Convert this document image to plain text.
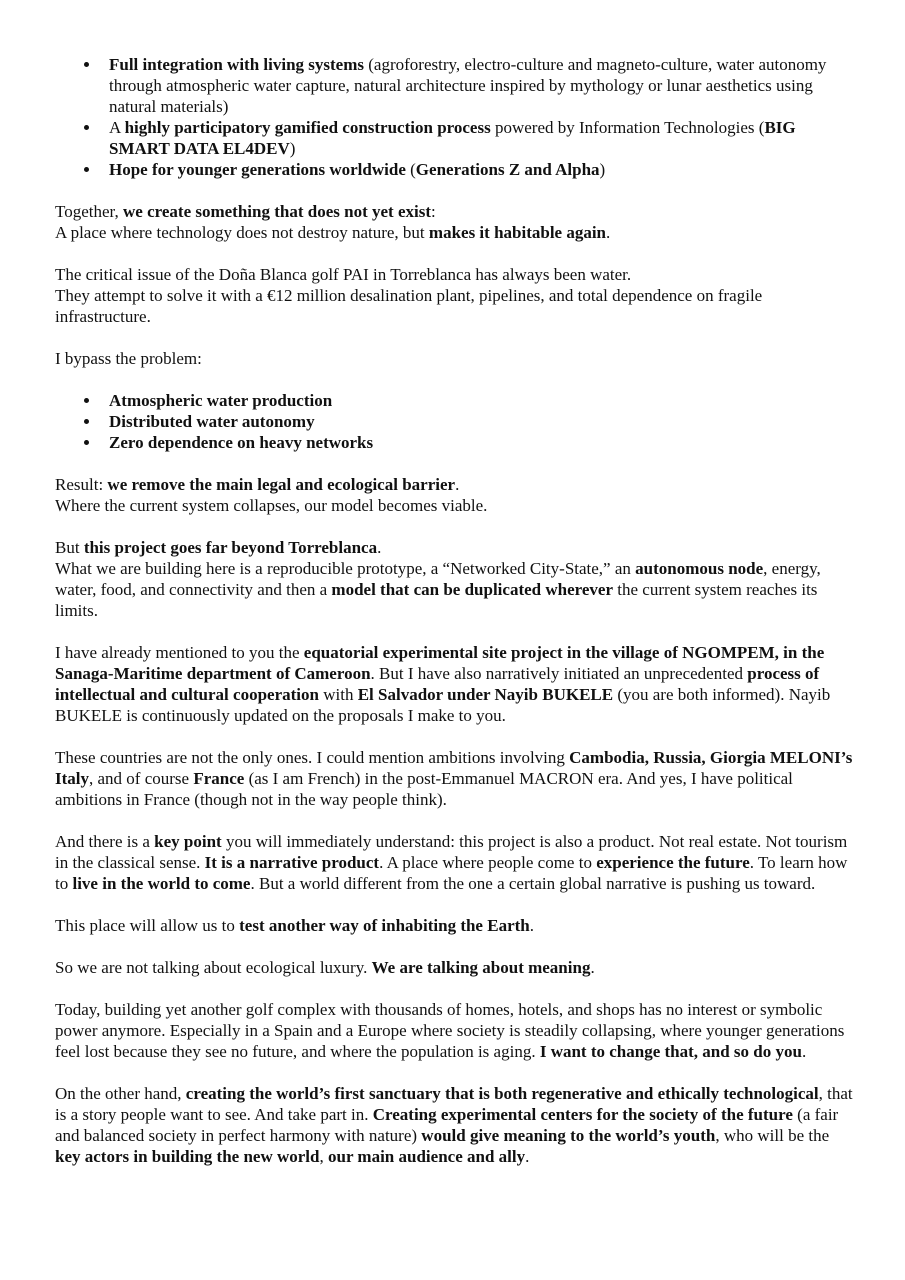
Full integration with living systems (agroforestry, electro-culture and magneto-culture, water autonomy through atmospheric water capture, natural architecture inspired by mythology or lunar aesthetics using natural materials)
A highly participatory gamified construction process powered by Information Technologies (BIG SMART DATA EL4DEV)
Hope for younger generations worldwide (Generations Z and Alpha)

Together, we create something that does not yet exist:
A place where technology does not destroy nature, but makes it habitable again.

The critical issue of the Doña Blanca golf PAI in Torreblanca has always been water.
They attempt to solve it with a €12 million desalination plant, pipelines, and total dependence on fragile infrastructure.

I bypass the problem:

Atmospheric water production
Distributed water autonomy
Zero dependence on heavy networks

Result: we remove the main legal and ecological barrier.
Where the current system collapses, our model becomes viable.

But this project goes far beyond Torreblanca.
What we are building here is a reproducible prototype, a “Networked City-State,” an autonomous node, energy, water, food, and connectivity and then a model that can be duplicated wherever the current system reaches its limits.

I have already mentioned to you the equatorial experimental site project in the village of NGOMPEM, in the Sanaga-Maritime department of Cameroon. But I have also narratively initiated an unprecedented process of intellectual and cultural cooperation with El Salvador under Nayib BUKELE (you are both informed). Nayib BUKELE is continuously updated on the proposals I make to you.

These countries are not the only ones. I could mention ambitions involving Cambodia, Russia, Giorgia MELONI’s Italy, and of course France (as I am French) in the post-Emmanuel MACRON era. And yes, I have political ambitions in France (though not in the way people think).

And there is a key point you will immediately understand: this project is also a product. Not real estate. Not tourism in the classical sense. It is a narrative product. A place where people come to experience the future. To learn how to live in the world to come. But a world different from the one a certain global narrative is pushing us toward.

This place will allow us to test another way of inhabiting the Earth.

So we are not talking about ecological luxury. We are talking about meaning.

Today, building yet another golf complex with thousands of homes, hotels, and shops has no interest or symbolic power anymore. Especially in a Spain and a Europe where society is steadily collapsing, where younger generations feel lost because they see no future, and where the population is aging. I want to change that, and so do you.

On the other hand, creating the world’s first sanctuary that is both regenerative and ethically technological, that is a story people want to see. And take part in. Creating experimental centers for the society of the future (a fair and balanced society in perfect harmony with nature) would give meaning to the world’s youth, who will be the key actors in building the new world, our main audience and ally.
